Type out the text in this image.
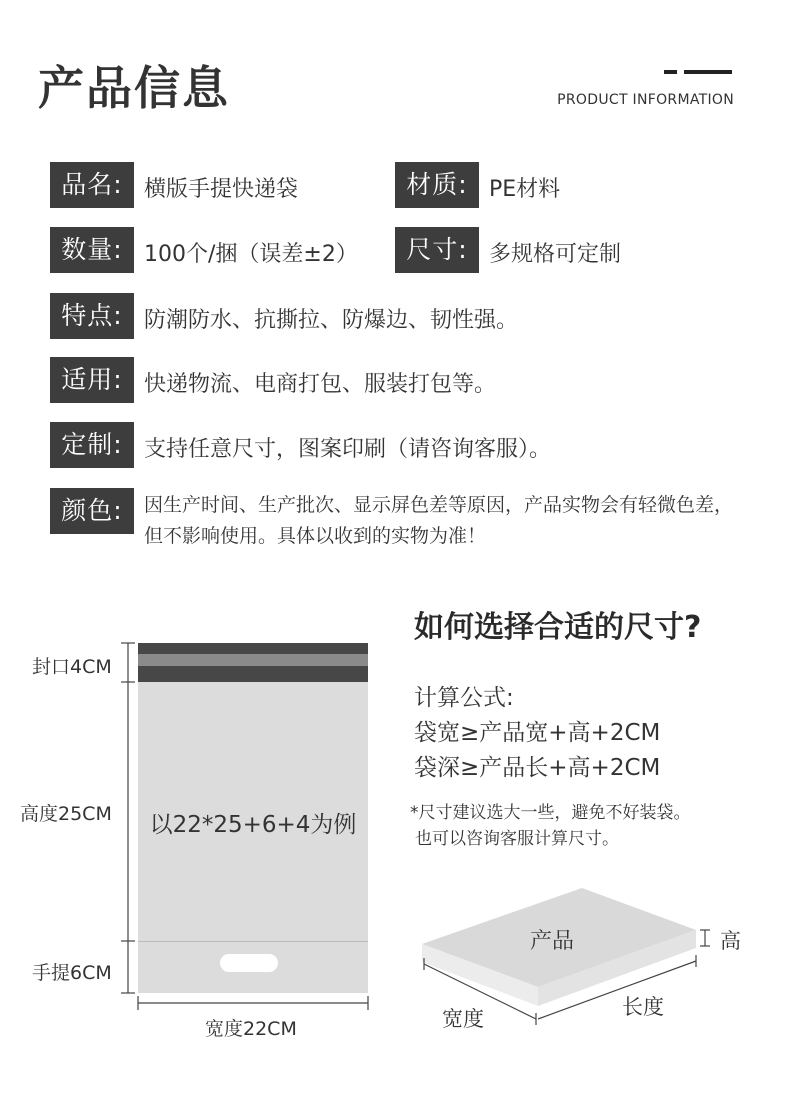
产品信息	PRODUCT INFORMATION
品名: 横版手提快递袋	材质: PE材料
数量: 100个/捆（误差±2）	尺寸: 多规格可定制
特点: 防潮防水、抗撕拉、防爆边、韧性强。
适用: 快递物流、电商打包、服装打包等。
定制: 支持任意尺寸，图案印刷（请咨询客服）。
颜色:	因生产时间、生产批次、显示屏色差等原因，产品实物会有轻微色差，
但不影响使用。具体以收到的实物为准！
以22*25+6+4为例
封口4CM
高度25CM
手提6CM
宽度22CM
如何选择合适的尺寸?
计算公式:
袋宽≥产品宽+高+2CM
袋深≥产品长+高+2CM
*尺寸建议选大一些，避免不好装袋。
也可以咨询客服计算尺寸。
产品	高
宽度	长度
